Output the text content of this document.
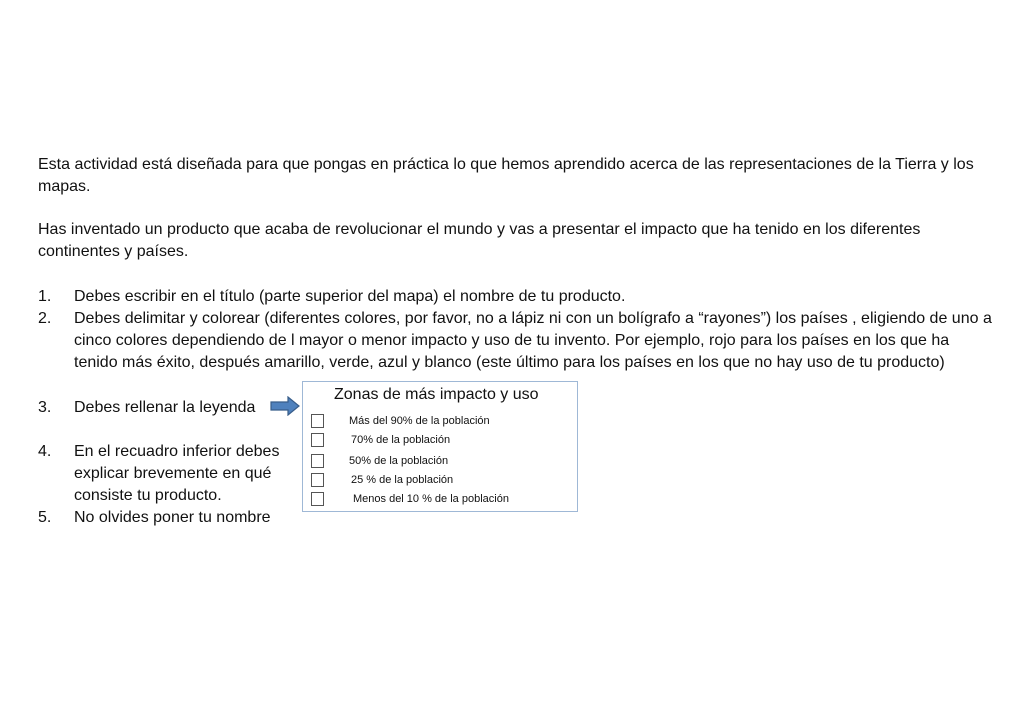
Esta actividad está diseñada para que pongas en práctica lo que hemos aprendido acerca de las representaciones de la Tierra y los mapas.
Has inventado un producto que acaba de revolucionar el mundo y vas a presentar el impacto que ha tenido en los diferentes continentes y países.
1. Debes escribir en el título (parte superior del mapa) el nombre de tu producto.
2. Debes delimitar y colorear (diferentes colores, por favor, no a lápiz ni con un bolígrafo a “rayones”) los países , eligiendo de uno a cinco colores dependiendo de l mayor o menor impacto y uso de tu invento. Por ejemplo, rojo para los países en los que ha tenido más éxito, después amarillo, verde, azul y blanco (este último para los países en los que no hay uso de tu producto)
3. Debes rellenar la leyenda
4. En el recuadro inferior debes explicar brevemente en qué consiste tu producto.
5. No olvides poner tu nombre
Zonas de más impacto y uso
Más del 90% de la población
70% de la población
50% de la población
25 % de la población
Menos del 10 % de la población
